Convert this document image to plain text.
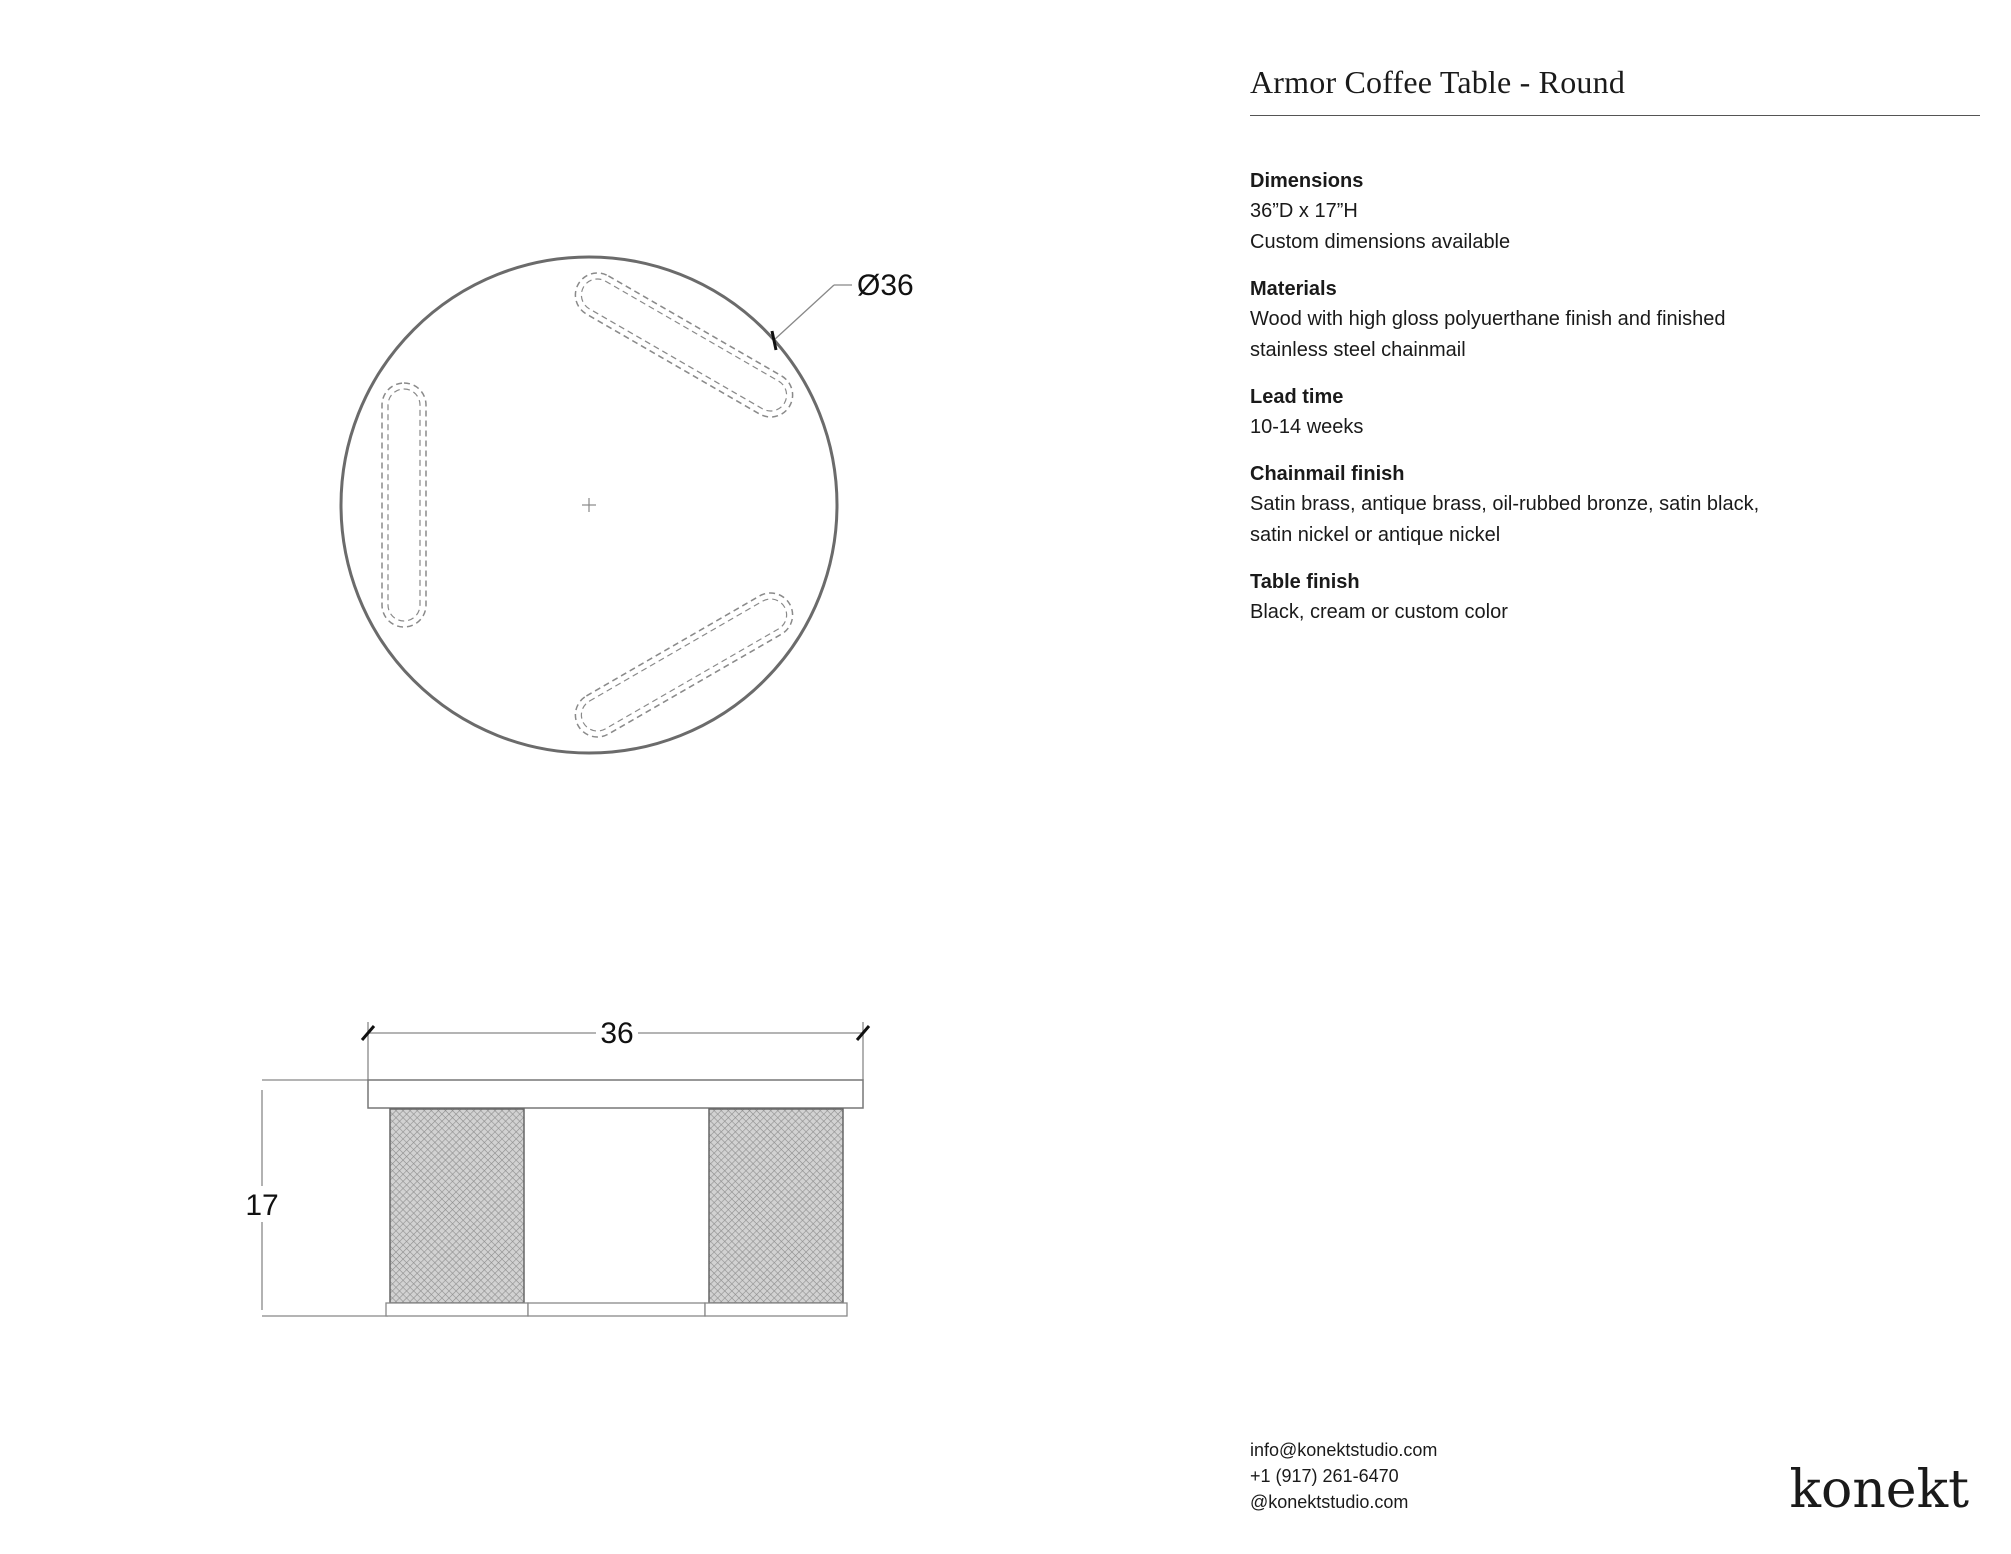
Ø36
36
17
Armor Coffee Table - Round
Dimensions
36”D x 17”H
Custom dimensions available
Materials
Wood with high gloss polyuerthane finish and finished
stainless steel chainmail
Lead time
10-14 weeks
Chainmail finish
Satin brass, antique brass, oil-rubbed bronze, satin black,
satin nickel or antique nickel
Table finish
Black, cream or custom color
info@konektstudio.com
+1 (917) 261-6470
@konektstudio.com	konekt
